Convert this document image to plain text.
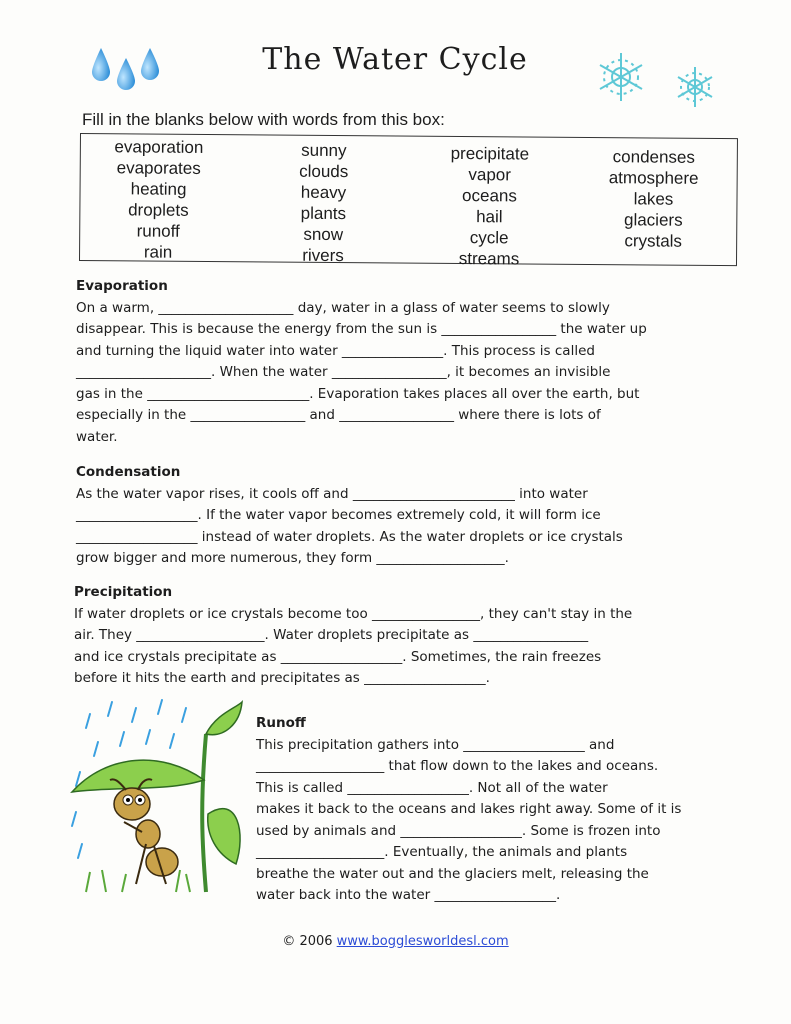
The Water Cycle
Fill in the blanks below with words from this box:
evaporation
evaporates
heating
droplets
runoff
rain
sunny
clouds
heavy
plants
snow
rivers
precipitate
vapor
oceans
hail
cycle
streams
condenses
atmosphere
lakes
glaciers
crystals
Evaporation

On a warm, ____________________ day, water in a glass of water seems to slowly

disappear. This is because the energy from the sun is _________________ the water up

and turning the liquid water into water _______________. This process is called

____________________. When the water _________________, it becomes an invisible

gas in the ________________________. Evaporation takes places all over the earth, but

especially in the _________________ and _________________ where there is lots of

water.

Condensation

As the water vapor rises, it cools off and ________________________ into water

__________________. If the water vapor becomes extremely cold, it will form ice

__________________ instead of water droplets. As the water droplets or ice crystals

grow bigger and more numerous, they form ___________________.

Precipitation

If water droplets or ice crystals become too ________________, they can't stay in the

air. They ___________________. Water droplets precipitate as _________________

and ice crystals precipitate as __________________. Sometimes, the rain freezes

before it hits the earth and precipitates as __________________.

Runoff

This precipitation gathers into __________________ and

___________________ that flow down to the lakes and oceans.

This is called __________________. Not all of the water

makes it back to the oceans and lakes right away. Some of it is

used by animals and __________________. Some is frozen into

___________________. Eventually, the animals and plants

breathe the water out and the glaciers melt, releasing the

water back into the water __________________.

© 2006 www.bogglesworldesl.com
